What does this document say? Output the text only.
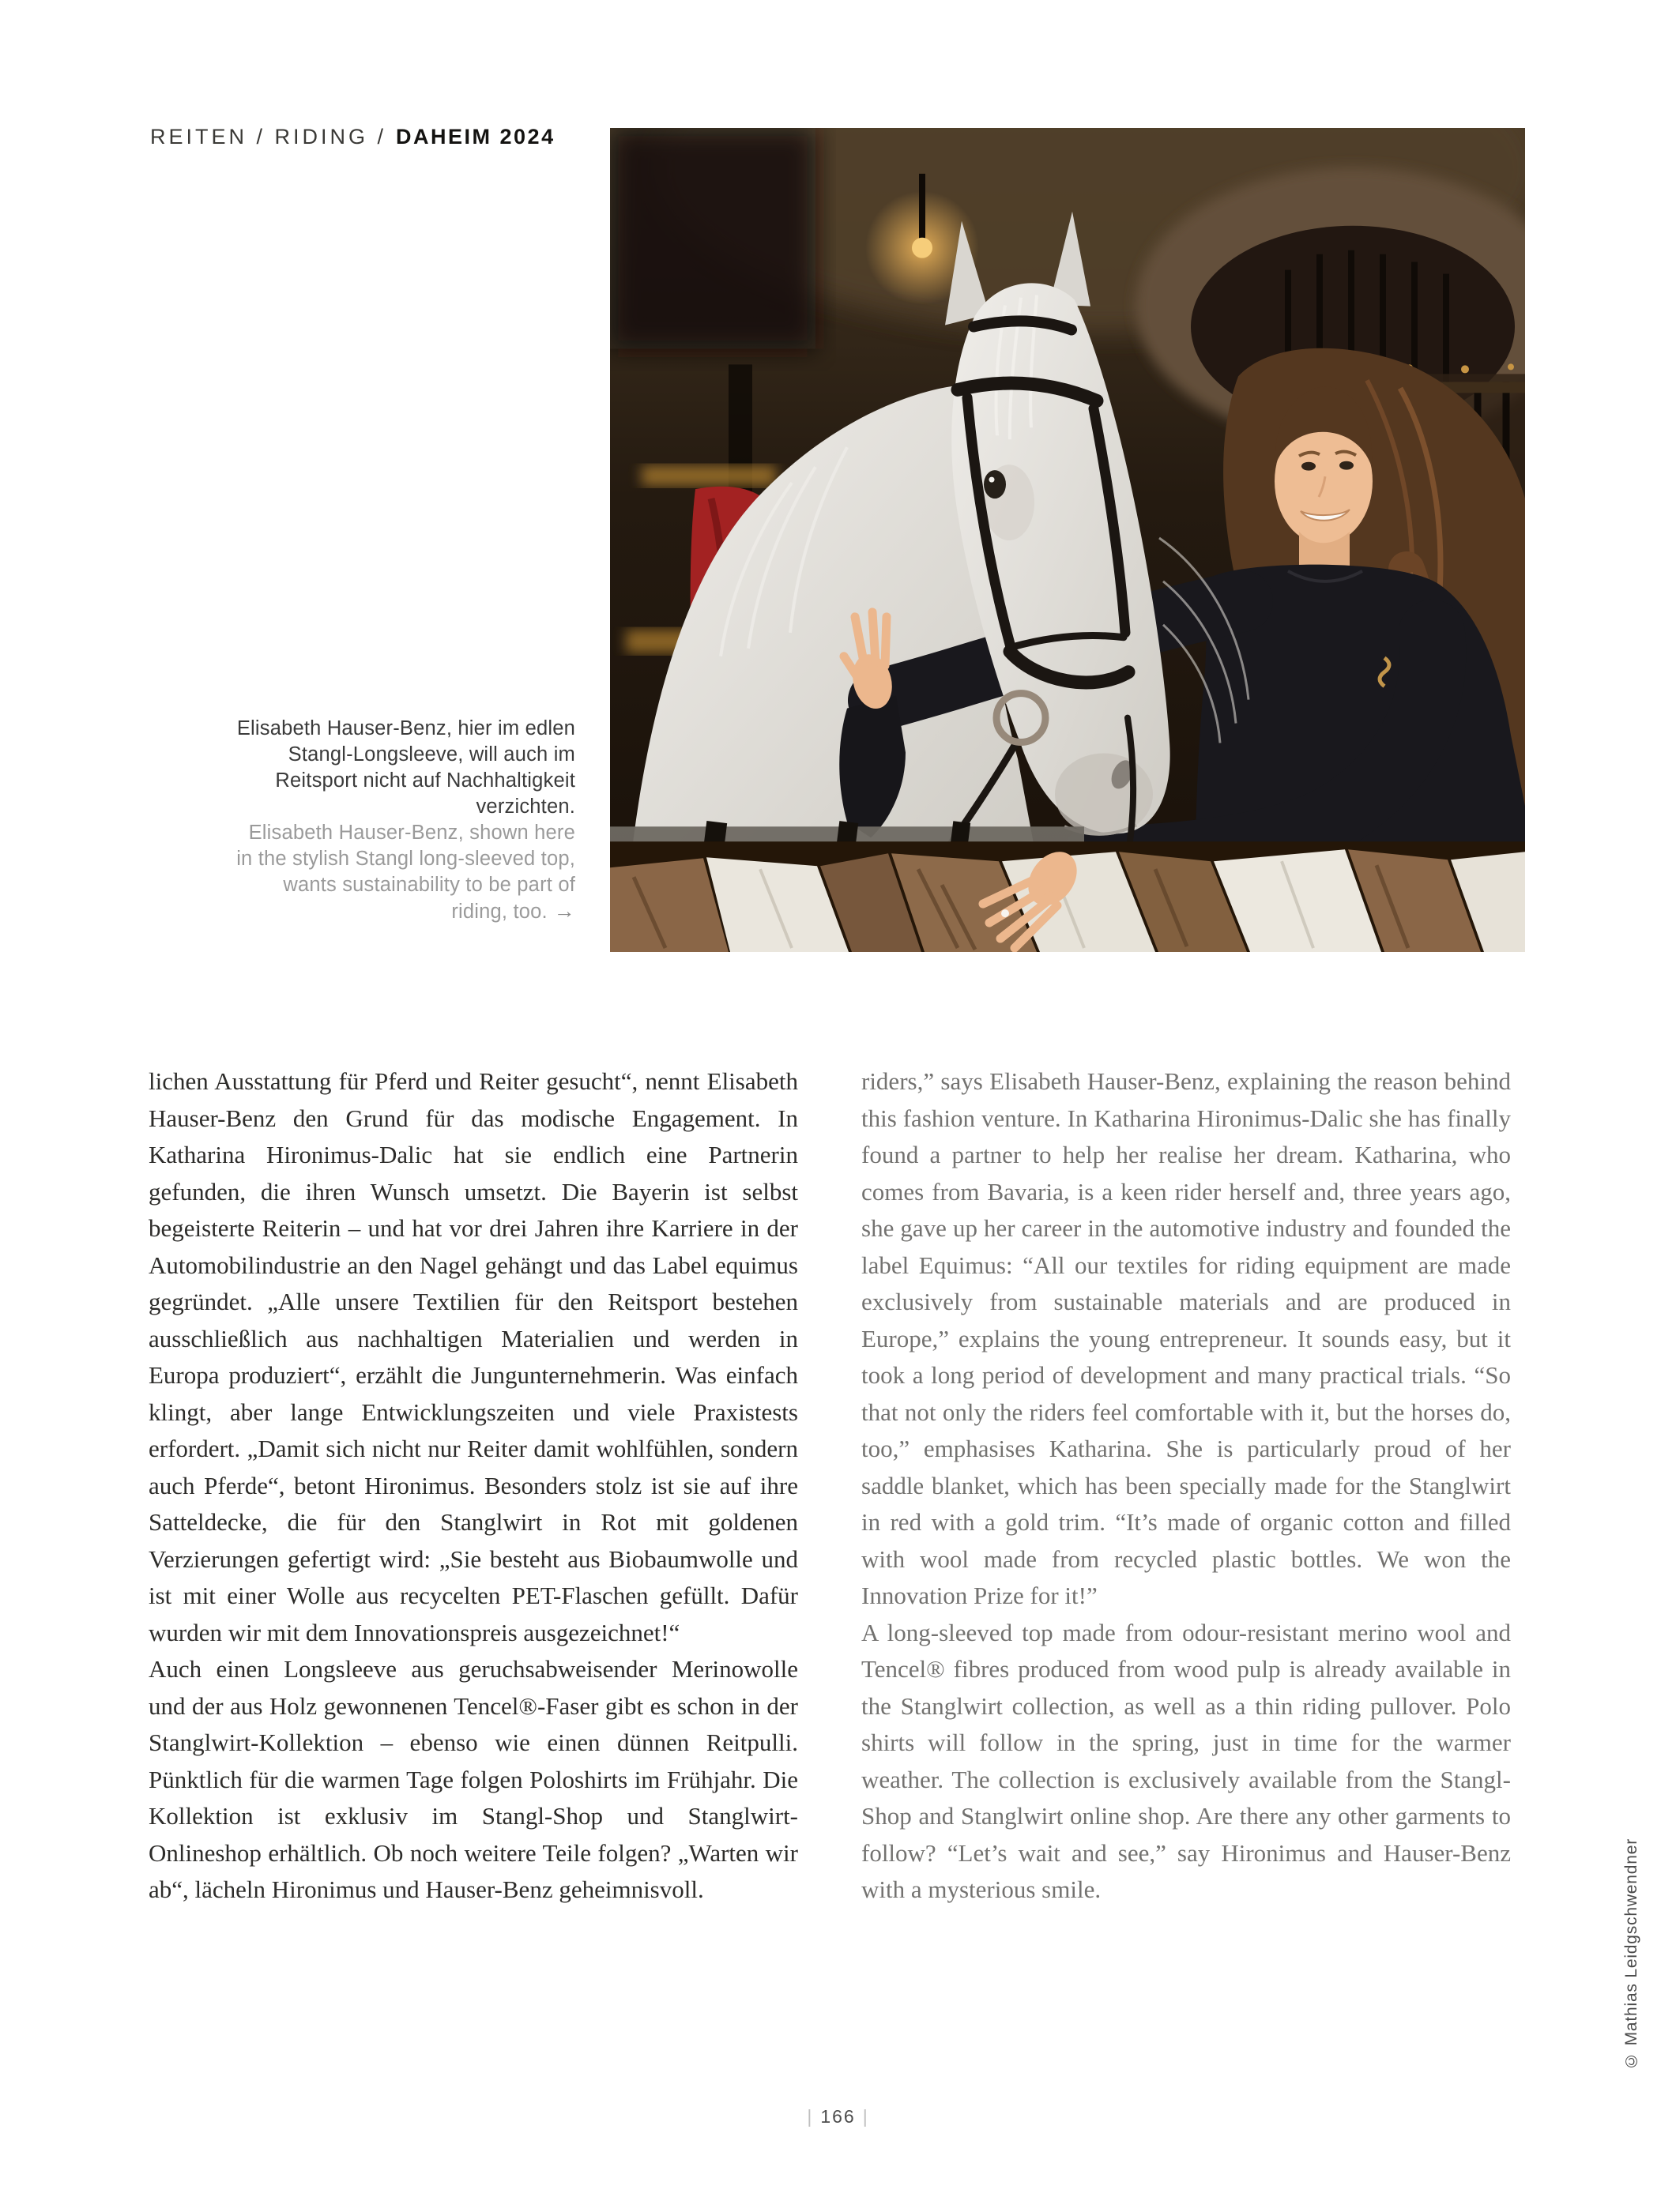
REITEN / RIDING / DAHEIM 2024

Elisabeth Hauser-Benz, hier im edlen Stangl-Longsleeve, will auch im Reitsport nicht auf Nachhaltigkeit verzichten.

Elisabeth Hauser-Benz, shown here in the stylish Stangl long-sleeved top, wants sustainability to be part of riding, too. →

lichen Ausstattung für Pferd und Reiter gesucht“, nennt Elisabeth Hauser-Benz den Grund für das modische Engagement. In Katharina Hironimus-Dalic hat sie endlich eine Partnerin gefunden, die ihren Wunsch umsetzt. Die Bayerin ist selbst begeisterte Reiterin – und hat vor drei Jahren ihre Karriere in der Automobilindustrie an den Nagel gehängt und das Label equimus gegründet. „Alle unsere Textilien für den Reitsport bestehen ausschließlich aus nachhaltigen Materialien und werden in Europa produziert“, erzählt die Jungunternehmerin. Was einfach klingt, aber lange Entwicklungszeiten und viele Praxistests erfordert. „Damit sich nicht nur Reiter damit wohlfühlen, sondern auch Pferde“, betont Hironimus. Besonders stolz ist sie auf ihre Satteldecke, die für den Stanglwirt in Rot mit goldenen Verzierungen gefertigt wird: „Sie besteht aus Biobaumwolle und ist mit einer Wolle aus recycelten PET-Flaschen gefüllt. Dafür wurden wir mit dem Innovationspreis ausgezeichnet!“

Auch einen Longsleeve aus geruchsabweisender Merinowolle und der aus Holz gewonnenen Tencel®-Faser gibt es schon in der Stanglwirt-Kollektion – ebenso wie einen dünnen Reitpulli. Pünktlich für die warmen Tage folgen Poloshirts im Frühjahr. Die Kollektion ist exklusiv im Stangl-Shop und Stanglwirt-Onlineshop erhältlich. Ob noch weitere Teile folgen? „Warten wir ab“, lächeln Hironimus und Hauser-Benz geheimnisvoll.

riders,” says Elisabeth Hauser-Benz, explaining the reason behind this fashion venture. In Katharina Hironimus-Dalic she has finally found a partner to help her realise her dream. Katharina, who comes from Bavaria, is a keen rider herself and, three years ago, she gave up her career in the automotive industry and founded the label Equimus: “All our textiles for riding equipment are made exclusively from sustainable materials and are produced in Europe,” explains the young entrepreneur. It sounds easy, but it took a long period of development and many practical trials. “So that not only the riders feel comfortable with it, but the horses do, too,” emphasises Katharina. She is particularly proud of her saddle blanket, which has been specially made for the Stanglwirt in red with a gold trim. “It’s made of organic cotton and filled with wool made from recycled plastic bottles. We won the Innovation Prize for it!”

A long-sleeved top made from odour-resistant merino wool and Tencel® fibres produced from wood pulp is already available in the Stanglwirt collection, as well as a thin riding pullover. Polo shirts will follow in the spring, just in time for the warmer weather. The collection is exclusively available from the Stangl-Shop and Stanglwirt online shop. Are there any other garments to follow? “Let’s wait and see,” say Hironimus and Hauser-Benz with a mysterious smile.

| 166 |
© Mathias Leidgschwendner
